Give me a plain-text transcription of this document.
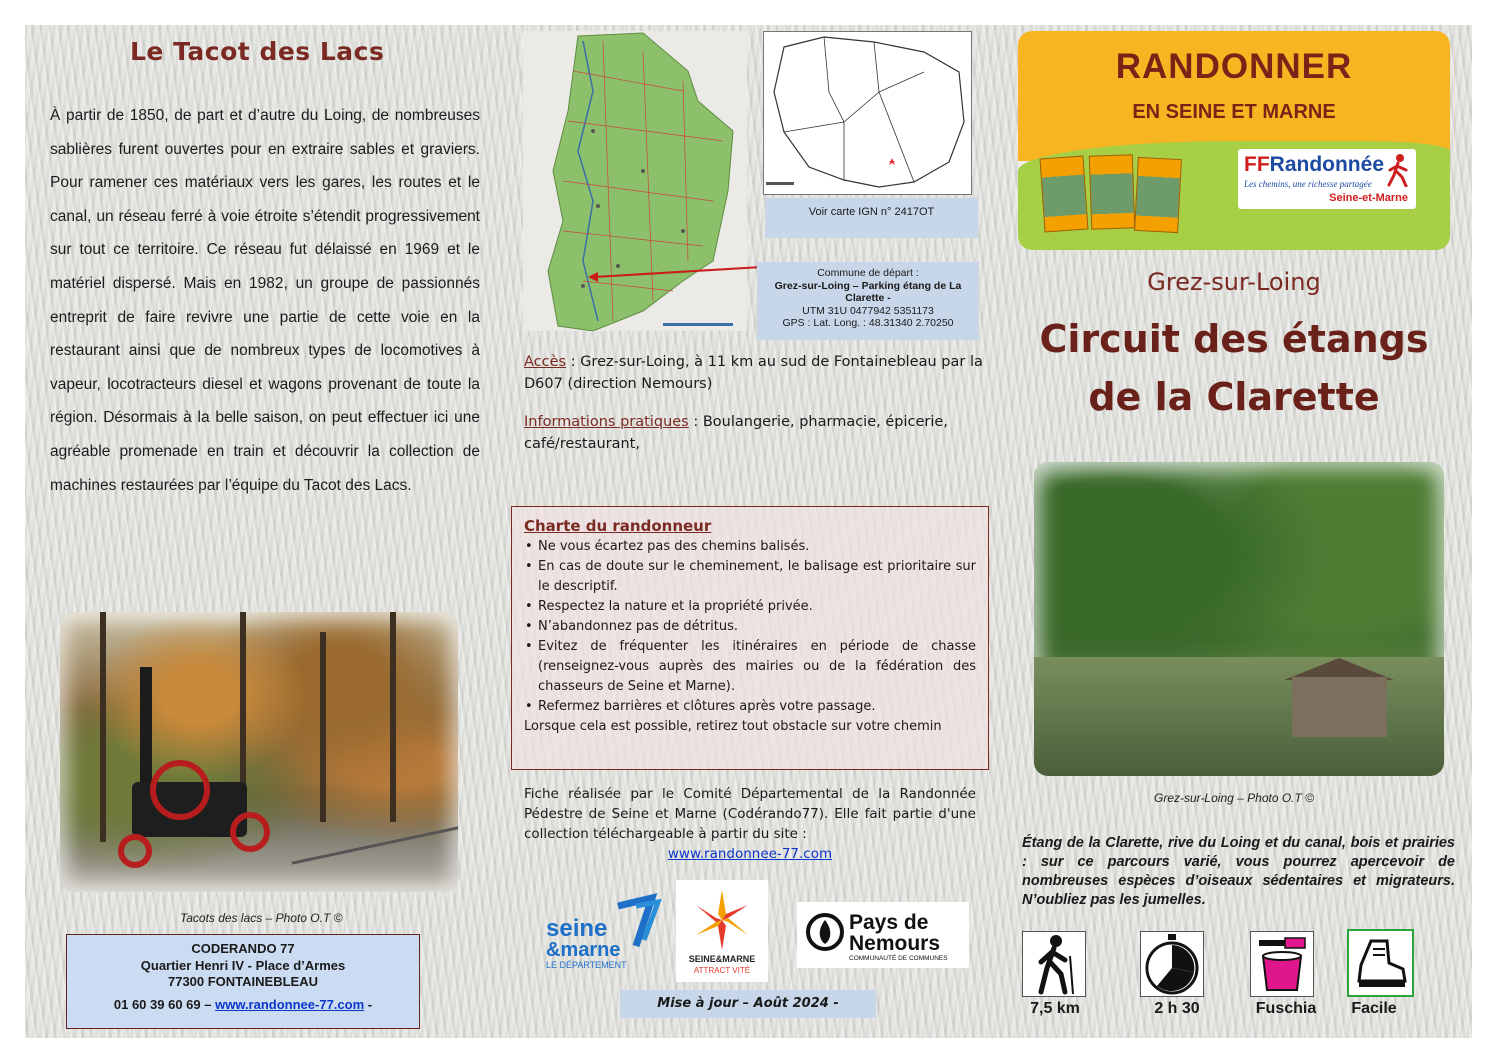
Le Tacot des Lacs
À partir de 1850, de part et d’autre du Loing, de nombreuses sablières furent ouvertes pour en extraire sables et graviers. Pour ramener ces matériaux vers les gares, les routes et le canal, un réseau ferré à voie étroite s’étendit progressivement sur tout ce territoire. Ce réseau fut délaissé en 1969 et le matériel dispersé. Mais en 1982, un groupe de passionnés entreprit de faire revivre une partie de cette voie en la restaurant ainsi que de nombreux types de locomotives à vapeur, locotracteurs diesel et wagons provenant de toute la région. Désormais à la belle saison, on peut effectuer ici une agréable promenade en train et découvrir la collection de machines restaurées par l’équipe du Tacot des Lacs.
Tacots des lacs – Photo O.T ©
CODERANDO 77
Quartier Henri IV - Place d’Armes
77300 FONTAINEBLEAU
01 60 39 60 69 – www.randonnee-77.com -
Voir carte IGN n° 2417OT
Commune de départ :
Grez-sur-Loing – Parking étang de La Clarette -
UTM 31U 0477942 5351173
GPS : Lat. Long. : 48.31340 2.70250
Accès : Grez-sur-Loing, à 11 km au sud de Fontainebleau par la D607 (direction Nemours)
Informations pratiques : Boulangerie, pharmacie, épicerie, café/restaurant,
Charte du randonneur
• Ne vous écartez pas des chemins balisés.
• En cas de doute sur le cheminement, le balisage est prioritaire sur le descriptif.
• Respectez la nature et la propriété privée.
• N’abandonnez pas de détritus.
• Evitez de fréquenter les itinéraires en période de chasse (renseignez-vous auprès des mairies ou de la fédération des chasseurs de Seine et Marne).
• Refermez barrières et clôtures après votre passage.
Lorsque cela est possible, retirez tout obstacle sur votre chemin
Fiche réalisée par le Comité Départemental de la Randonnée Pédestre de Seine et Marne (Codérando77). Elle fait partie d'une collection téléchargeable à partir du site :
www.randonnee-77.com
seine
&marne
LE DÉPARTEMENT
SEINE&MARNE
ATTRACT VITÉ
Pays de
Nemours
COMMUNAUTÉ DE COMMUNES
Mise à jour – Août 2024 -
RANDONNER
EN SEINE ET MARNE
FFRandonnée
Les chemins, une richesse partagée
Seine-et-Marne
Grez-sur-Loing
Circuit des étangs
de la Clarette
Grez-sur-Loing – Photo O.T ©
Étang de la Clarette, rive du Loing et du canal, bois et prairies : sur ce parcours varié, vous pourrez apercevoir de nombreuses espèces d’oiseaux sédentaires et migrateurs. N’oubliez pas les jumelles.
7,5 km	2 h 30	Fuschia	Facile
